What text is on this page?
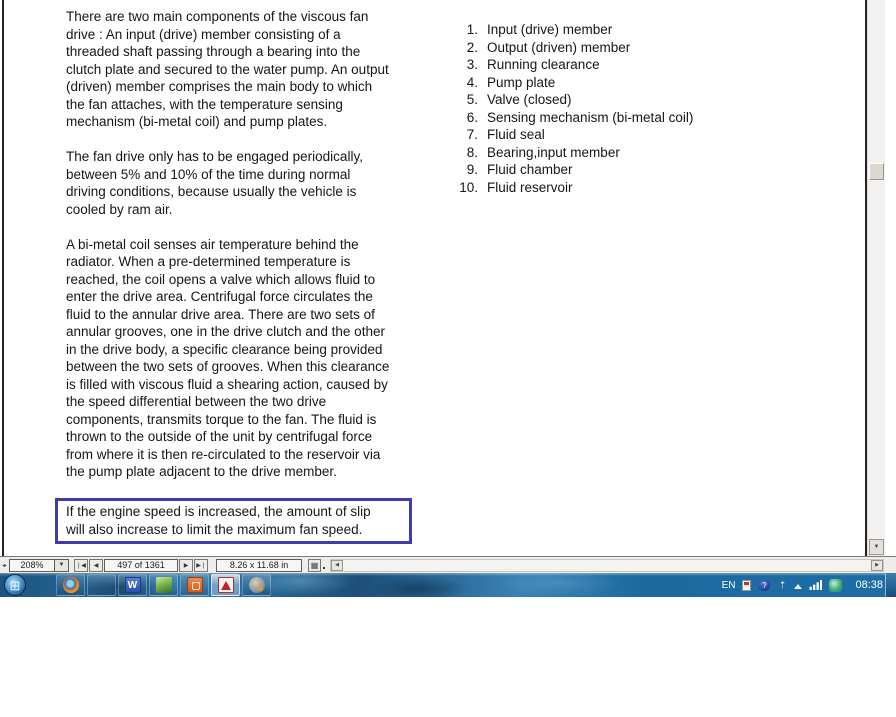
There are two main components of the viscous fan
drive : An input (drive) member consisting of a
threaded shaft passing through a bearing into the
clutch plate and secured to the water pump. An output
(driven) member comprises the main body to which
the fan attaches, with the temperature sensing
mechanism (bi-metal coil) and pump plates.
The fan drive only has to be engaged periodically,
between 5% and 10% of the time during normal
driving conditions, because usually the vehicle is
cooled by ram air.
A bi-metal coil senses air temperature behind the
radiator. When a pre-determined temperature is
reached, the coil opens a valve which allows fluid to
enter the drive area. Centrifugal force circulates the
fluid to the annular drive area. There are two sets of
annular grooves, one in the drive clutch and the other
in the drive body, a specific clearance being provided
between the two sets of grooves. When this clearance
is filled with viscous fluid a shearing action, caused by
the speed differential between the two drive
components, transmits torque to the fan. The fluid is
thrown to the outside of the unit by centrifugal force
from where it is then re-circulated to the reservoir via
the pump plate adjacent to the drive member.
If the engine speed is increased, the amount of slip
will also increase to limit the maximum fan speed.
1. Input (drive) member
2. Output (driven) member
3. Running clearance
4. Pump plate
5. Valve (closed)
6. Sensing mechanism (bi-metal coil)
7. Fluid seal
8. Bearing,input member
9. Fluid chamber
10. Fluid reservoir
▼
◂▸ 208%	▼ ❘◀ ◀ 497 of 1361	▶ ▶❘	8.26 x 11.68 in	▦	◀	▶
⊞	W	EN	? ⇡	08:38
